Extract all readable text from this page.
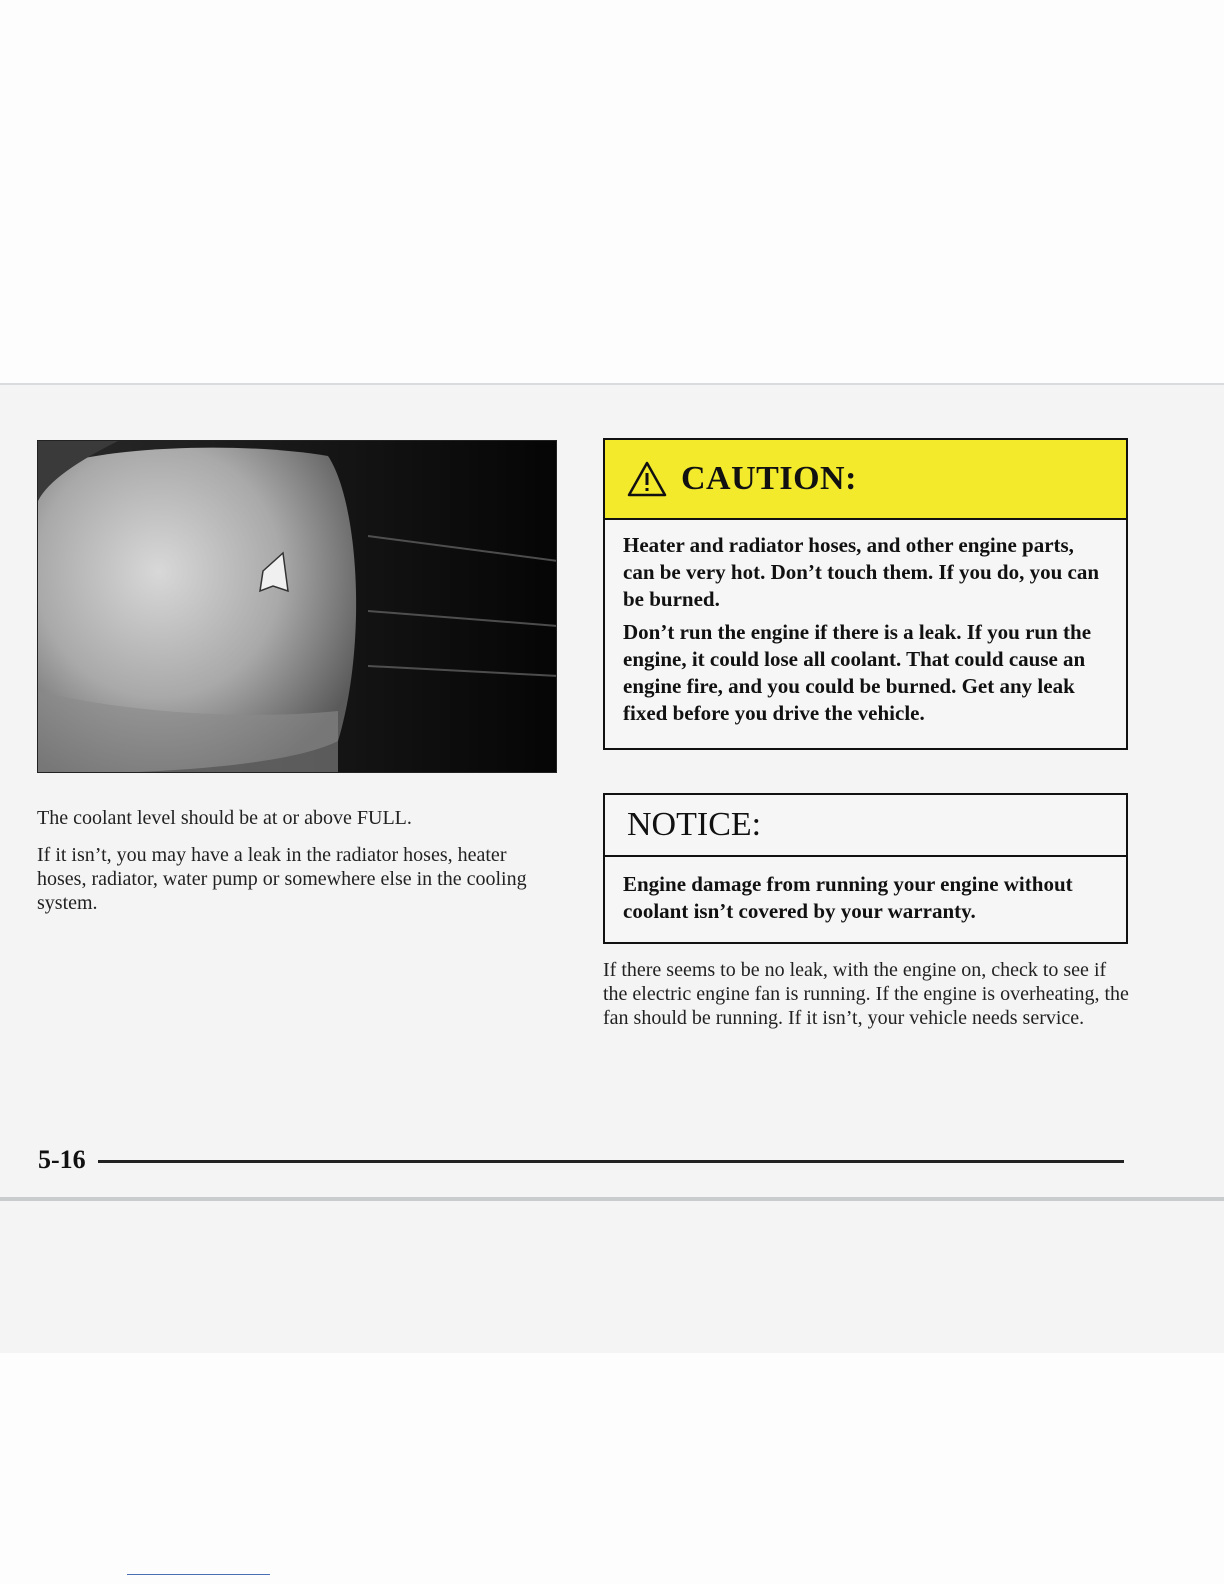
The coolant level should be at or above FULL.

If it isn’t, you may have a leak in the radiator hoses, heater hoses, radiator, water pump or somewhere else in the cooling system.

CAUTION:

Heater and radiator hoses, and other engine parts, can be very hot. Don’t touch them. If you do, you can be burned.

Don’t run the engine if there is a leak. If you run the engine, it could lose all coolant. That could cause an engine fire, and you could be burned. Get any leak fixed before you drive the vehicle.

NOTICE:

Engine damage from running your engine without coolant isn’t covered by your warranty.

If there seems to be no leak, with the engine on, check to see if the electric engine fan is running. If the engine is overheating, the fan should be running. If it isn’t, your vehicle needs service.

5-16
